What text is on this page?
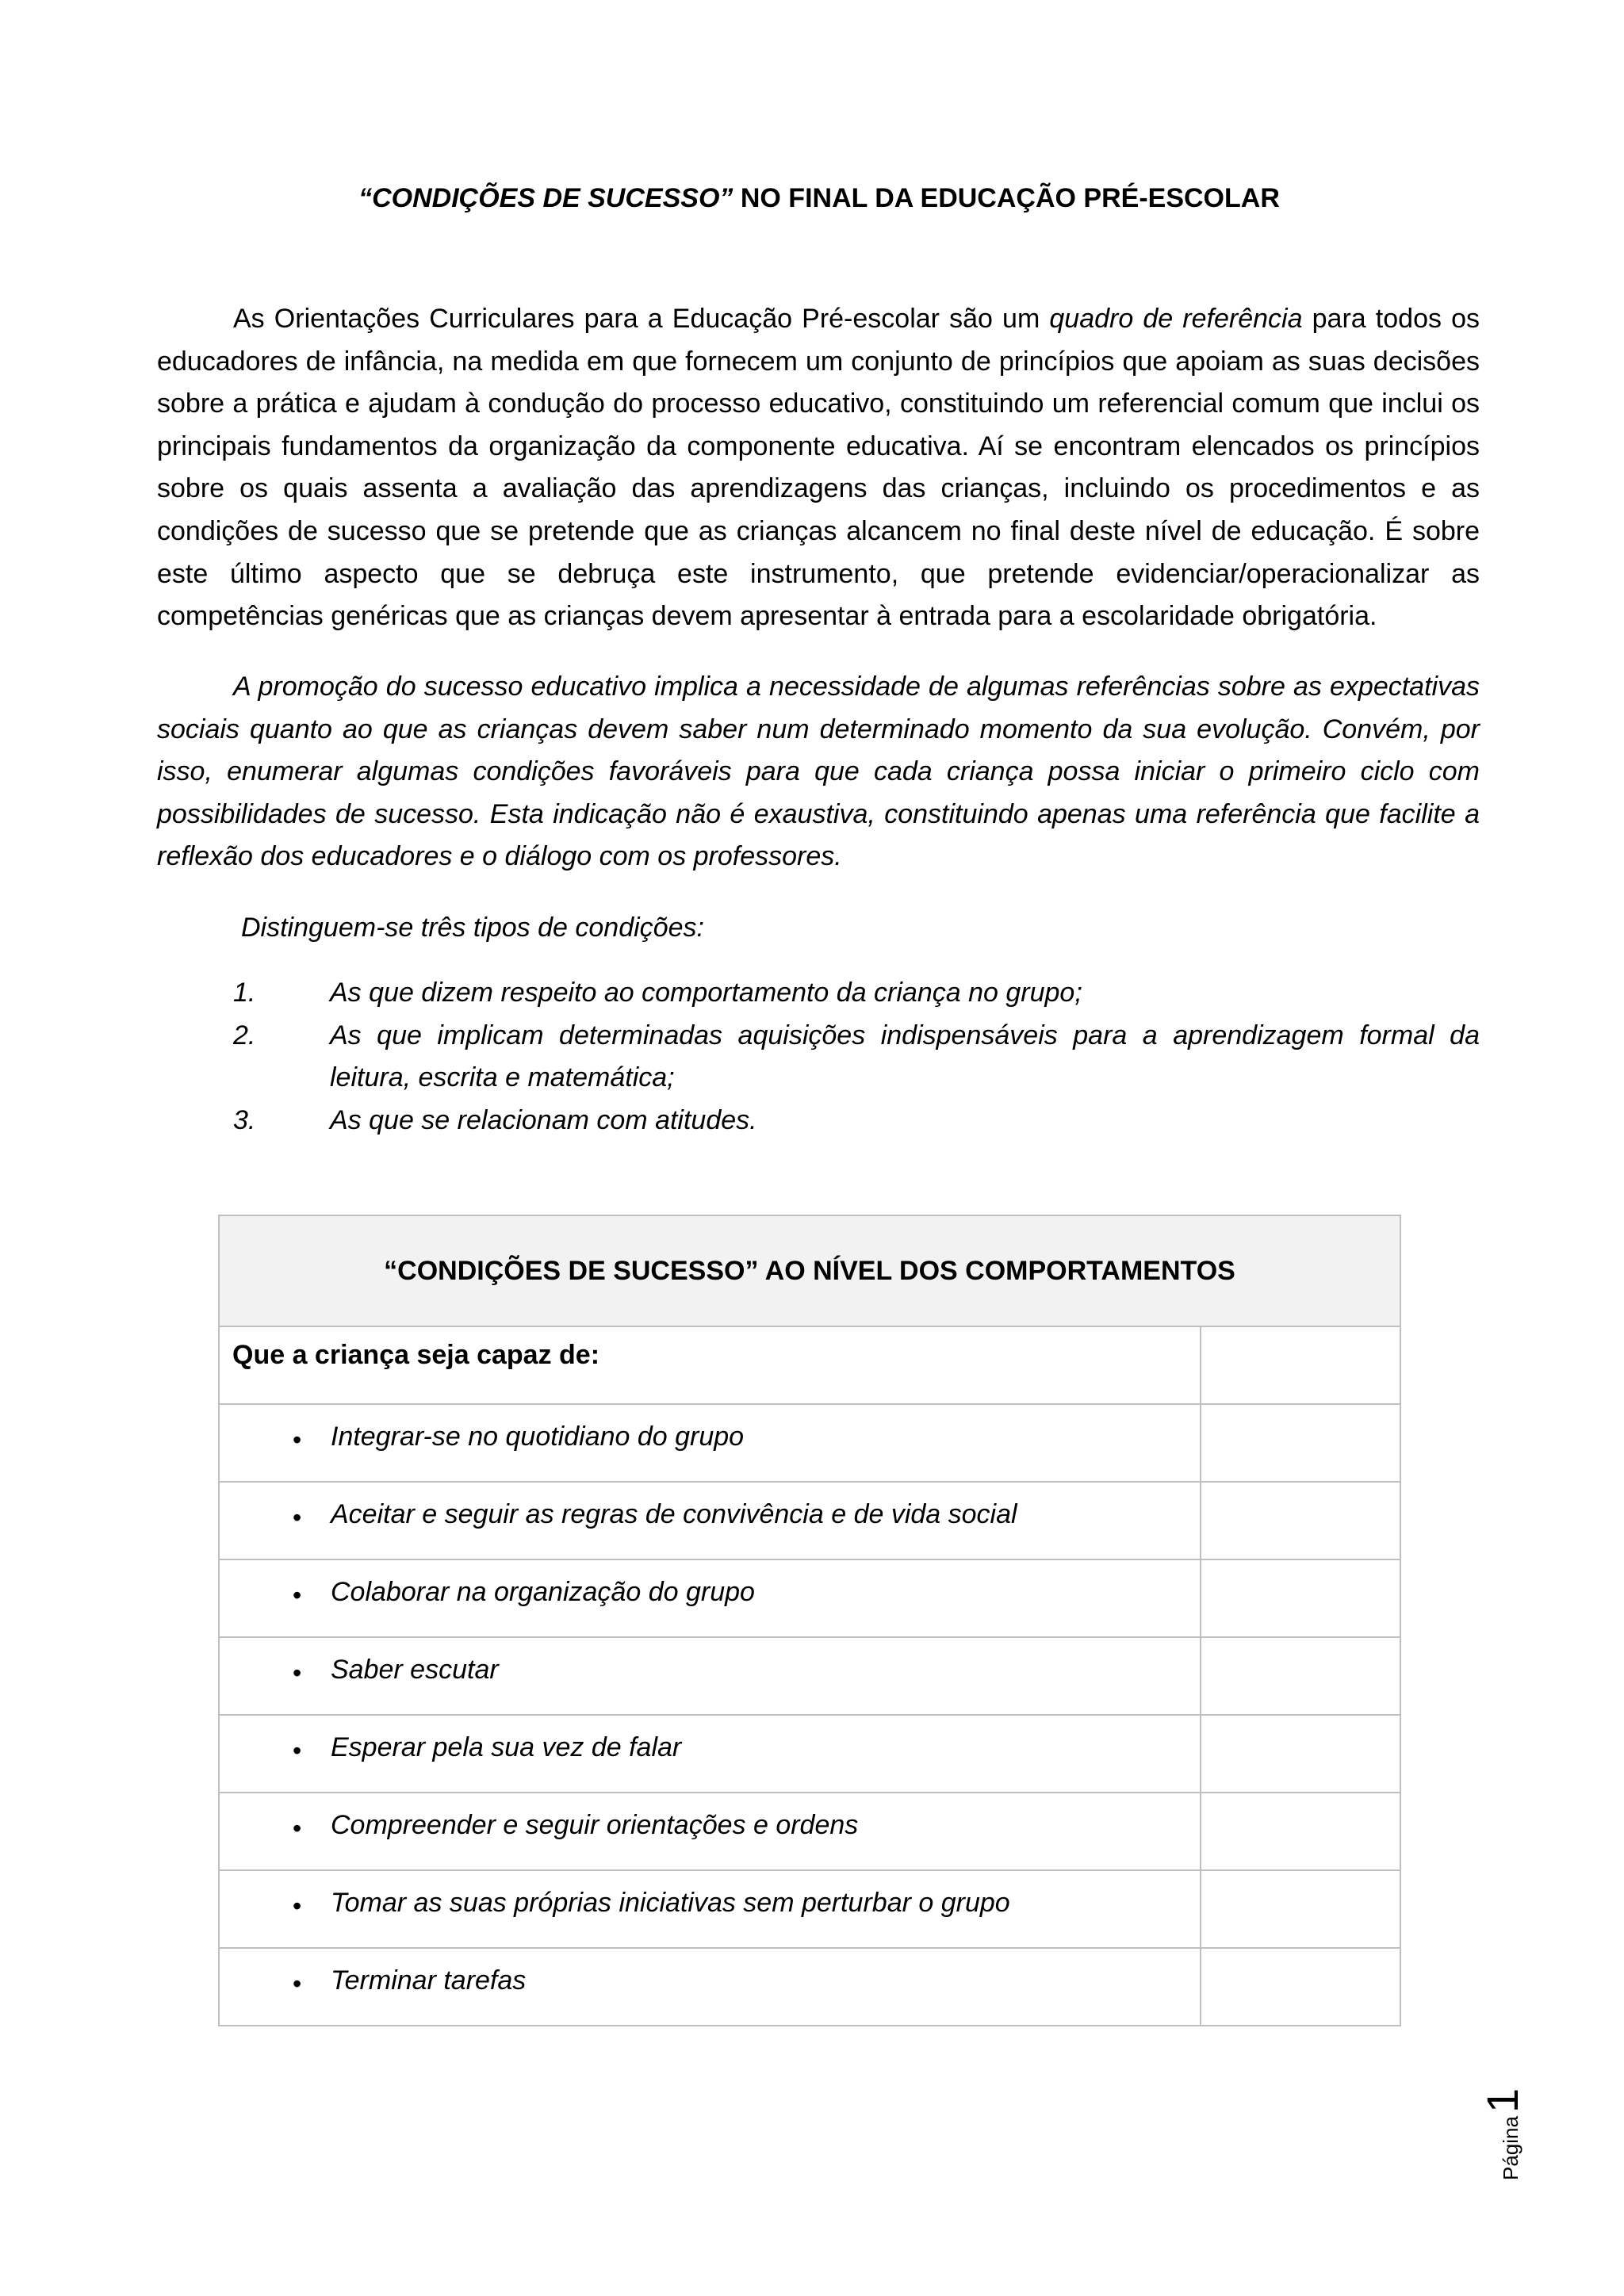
“CONDIÇÕES DE SUCESSO” NO FINAL DA EDUCAÇÃO PRÉ-ESCOLAR
As Orientações Curriculares para a Educação Pré-escolar são um quadro de referência para todos os educadores de infância, na medida em que fornecem um conjunto de princípios que apoiam as suas decisões sobre a prática e ajudam à condução do processo educativo, constituindo um referencial comum que inclui os principais fundamentos da organização da componente educativa. Aí se encontram elencados os princípios sobre os quais assenta a avaliação das aprendizagens das crianças, incluindo os procedimentos e as condições de sucesso que se pretende que as crianças alcancem no final deste nível de educação. É sobre este último aspecto que se debruça este instrumento, que pretende evidenciar/operacionalizar as competências genéricas que as crianças devem apresentar à entrada para a escolaridade obrigatória.
A promoção do sucesso educativo implica a necessidade de algumas referências sobre as expectativas sociais quanto ao que as crianças devem saber num determinado momento da sua evolução. Convém, por isso, enumerar algumas condições favoráveis para que cada criança possa iniciar o primeiro ciclo com possibilidades de sucesso. Esta indicação não é exaustiva, constituindo apenas uma referência que facilite a reflexão dos educadores e o diálogo com os professores.
Distinguem-se três tipos de condições:
1.	As que dizem respeito ao comportamento da criança no grupo;
2.	As que implicam determinadas aquisições indispensáveis para a aprendizagem formal da leitura, escrita e matemática;
3.	As que se relacionam com atitudes.
“CONDIÇÕES DE SUCESSO” AO NÍVEL DOS COMPORTAMENTOS
Que a criança seja capaz de:
• Integrar-se no quotidiano do grupo
• Aceitar e seguir as regras de convivência e de vida social
• Colaborar na organização do grupo
• Saber escutar
• Esperar pela sua vez de falar
• Compreender e seguir orientações e ordens
• Tomar as suas próprias iniciativas sem perturbar o grupo
• Terminar tarefas
Página
1
